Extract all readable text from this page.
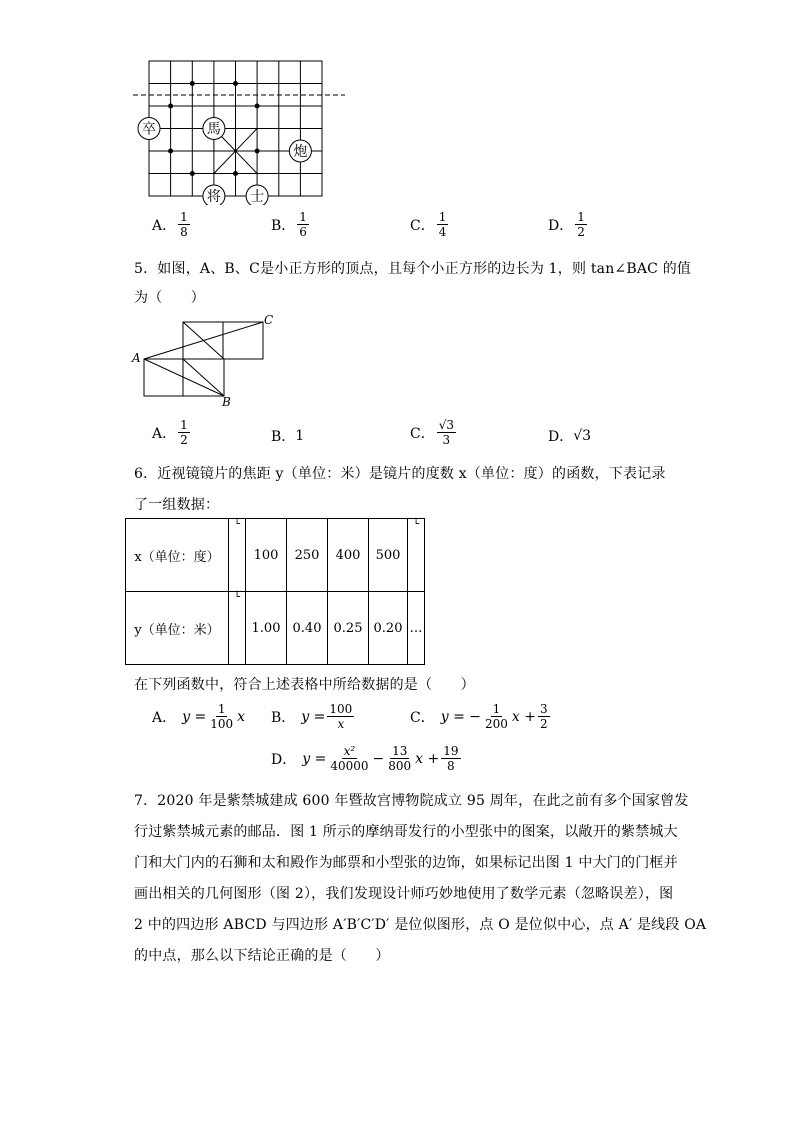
卒	馬
炮
将 士
A． $\frac{1}{8}$	B． $\frac{1}{6}$	C． $\frac{1}{4}$	D． $\frac{1}{2}$
5．如图，A、B、C是小正方形的顶点，且每个小正方形的边长为 1，则 tan∠BAC 的值
为（　　）
A
B
C
A． $\frac{1}{2}$	B． 1	C． $\frac{√3}{3}$	D． √3
6．近视镜镜片的焦距 y（单位：米）是镜片的度数 x（单位：度）的函数，下表记录
了一组数据：
x（单位：度）	└	100	250	400	500	└
y（单位：米）	└	1.00	0.40	0.25	0.20	…
在下列函数中，符合上述表格中所给数据的是（　　）
A． $y = \frac{1}{100}$ x B． $y = \frac{100}{x}$	C． y = − $\frac{1}{200}$ $x + \frac{3}{2}$
D． $y = \frac{\text{x²}}{40000} - \frac{13}{800}$ $x + \frac{19}{8}$
7．2020 年是紫禁城建成 600 年暨故宫博物院成立 95 周年，在此之前有多个国家曾发
行过紫禁城元素的邮品．图 1 所示的摩纳哥发行的小型张中的图案，以敞开的紫禁城大
门和大门内的石狮和太和殿作为邮票和小型张的边饰，如果标记出图 1 中大门的门框并
画出相关的几何图形（图 2），我们发现设计师巧妙地使用了数学元素（忽略误差），图
2 中的四边形 ABCD 与四边形 A′B′C′D′ 是位似图形，点 O 是位似中心，点 A′ 是线段 OA
的中点，那么以下结论正确的是（　　）
